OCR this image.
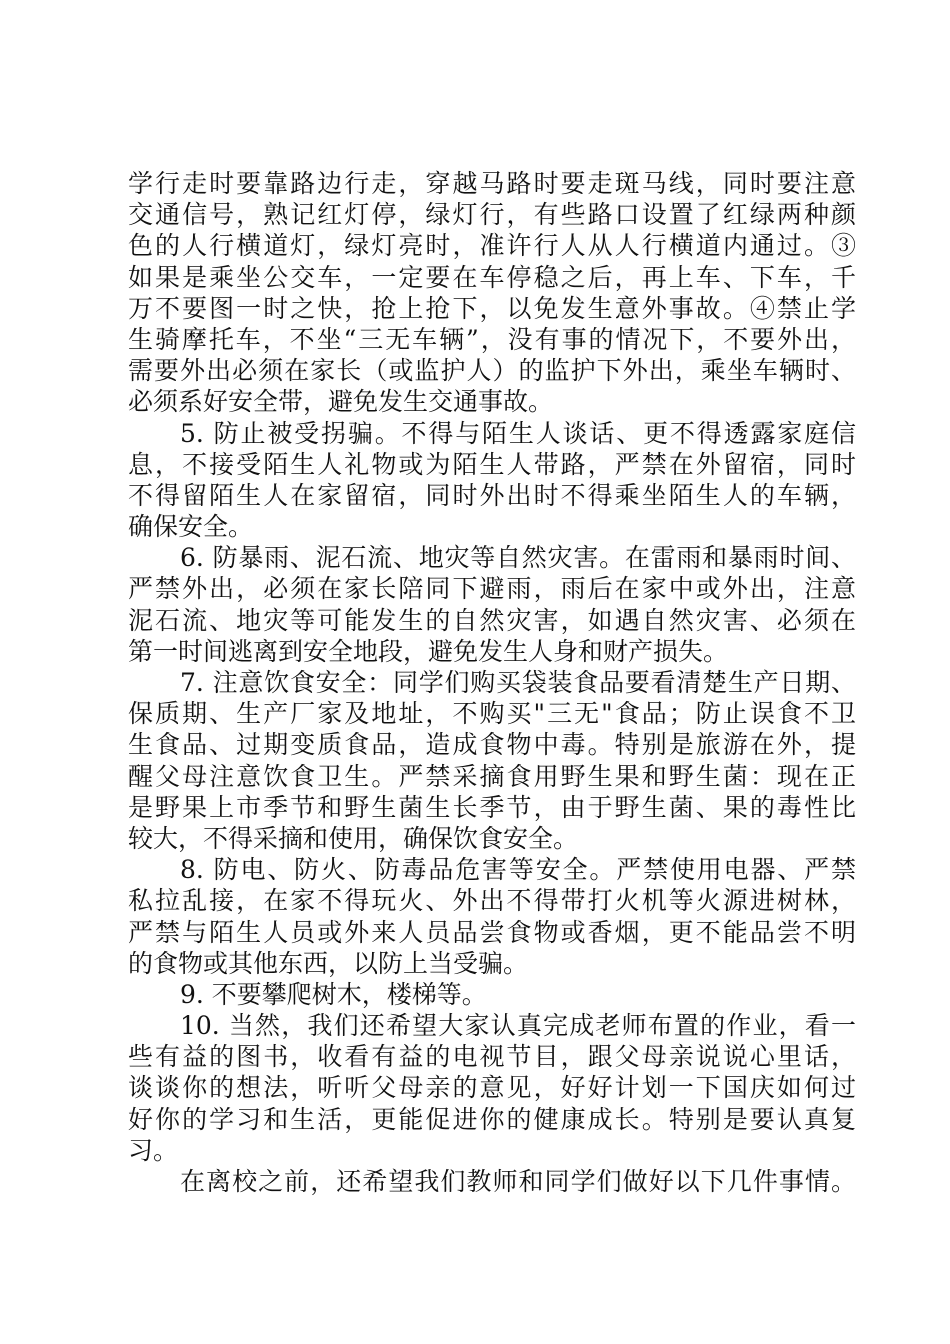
学行走时要靠路边行走，穿越马路时要走斑马线，同时要注意
交通信号，熟记红灯停，绿灯行，有些路口设置了红绿两种颜
色的人行横道灯，绿灯亮时，准许行人从人行横道内通过。③
如果是乘坐公交车，一定要在车停稳之后，再上车、下车，千
万不要图一时之快，抢上抢下，以免发生意外事故。④禁止学
生骑摩托车，不坐“三无车辆”，没有事的情况下，不要外出，
需要外出必须在家长（或监护人）的监护下外出，乘坐车辆时、
必须系好安全带，避免发生交通事故。
5. 防止被受拐骗。不得与陌生人谈话、更不得透露家庭信
息，不接受陌生人礼物或为陌生人带路，严禁在外留宿，同时
不得留陌生人在家留宿，同时外出时不得乘坐陌生人的车辆，
确保安全。
6. 防暴雨、泥石流、地灾等自然灾害。在雷雨和暴雨时间、
严禁外出，必须在家长陪同下避雨，雨后在家中或外出，注意
泥石流、地灾等可能发生的自然灾害，如遇自然灾害、必须在
第一时间逃离到安全地段，避免发生人身和财产损失。
7. 注意饮食安全：同学们购买袋装食品要看清楚生产日期、
保质期、生产厂家及地址，不购买"三无"食品；防止误食不卫
生食品、过期变质食品，造成食物中毒。特别是旅游在外，提
醒父母注意饮食卫生。严禁采摘食用野生果和野生菌：现在正
是野果上市季节和野生菌生长季节，由于野生菌、果的毒性比
较大，不得采摘和使用，确保饮食安全。
8. 防电、防火、防毒品危害等安全。严禁使用电器、严禁
私拉乱接，在家不得玩火、外出不得带打火机等火源进树林，
严禁与陌生人员或外来人员品尝食物或香烟，更不能品尝不明
的食物或其他东西，以防上当受骗。
9. 不要攀爬树木，楼梯等。
10. 当然，我们还希望大家认真完成老师布置的作业，看一
些有益的图书，收看有益的电视节目，跟父母亲说说心里话，
谈谈你的想法，听听父母亲的意见，好好计划一下国庆如何过
好你的学习和生活，更能促进你的健康成长。特别是要认真复
习。
在离校之前，还希望我们教师和同学们做好以下几件事情。
